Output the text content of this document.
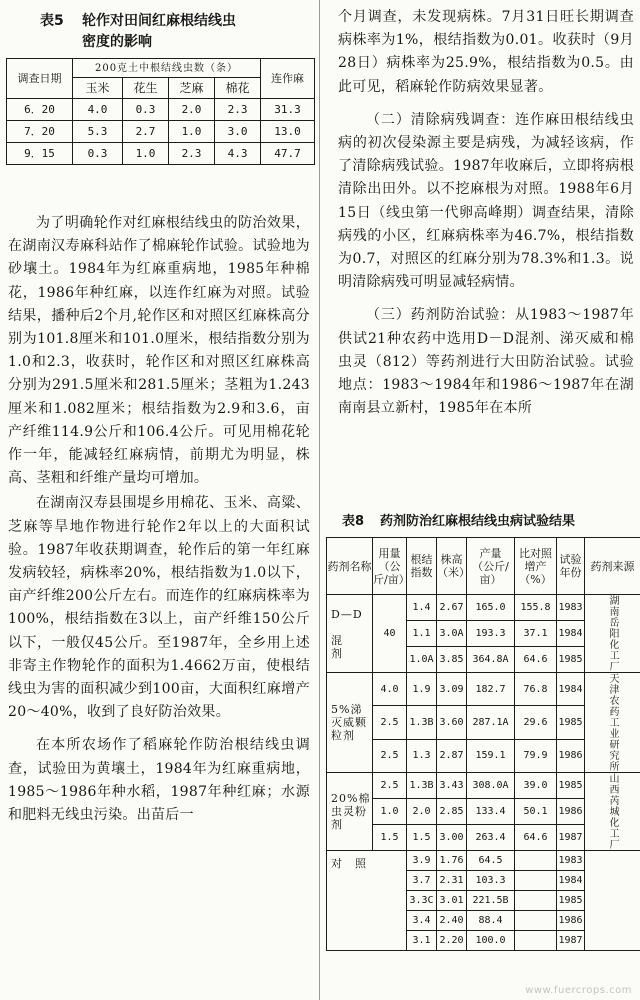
表5 轮作对田间红麻根结线虫
密度的影响
调查日期	200克土中根结线虫数（条）				连作麻
	玉米	花生	芝麻	棉花	
6．20	4.0	0.3	2.0	2.3	31.3
7．20	5.3	2.7	1.0	3.0	13.0
9．15	0.3	1.0	2.3	4.3	47.7

为了明确轮作对红麻根结线虫的防治效果，在湖南汉寿麻科站作了棉麻轮作试验。试验地为砂壤土。1984年为红麻重病地，1985年种棉花，1986年种红麻，以连作红麻为对照。试验结果，播种后2个月,轮作区和对照区红麻株高分别为101.8厘米和101.0厘米，根结指数分别为1.0和2.3，收获时，轮作区和对照区红麻株高分别为291.5厘米和281.5厘米；茎粗为1.243厘米和1.082厘米；根结指数为2.9和3.6，亩产纤维114.9公斤和106.4公斤。可见用棉花轮作一年，能减轻红麻病情，前期尤为明显，株高、茎粗和纤维产量均可增加。

在湖南汉寿县围堤乡用棉花、玉米、高粱、芝麻等旱地作物进行轮作2年以上的大面积试验。1987年收获期调查，轮作后的第一年红麻发病较轻，病株率20%，根结指数为1.0以下，亩产纤维200公斤左右。而连作的红麻病株率为100%，根结指数在3以上，亩产纤维150公斤以下，一般仅45公斤。至1987年，全乡用上述非寄主作物轮作的面积为1.4662万亩，使根结线虫为害的面积减少到100亩，大面积红麻增产20～40%，收到了良好防治效果。

在本所农场作了稻麻轮作防治根结线虫调查，试验田为黄壤土，1984年为红麻重病地，1985～1986年种水稻，1987年种红麻；水源和肥料无线虫污染。出苗后一

个月调查，未发现病株。7月31日旺长期调查病株率为1%，根结指数为0.01。收获时（9月28日）病株率为25.9%，根结指数为0.5。由此可见，稻麻轮作防病效果显著。

（二）清除病残调查：连作麻田根结线虫病的初次侵染源主要是病残，为减轻该病，作了清除病残试验。1987年收麻后，立即将病根清除出田外。以不挖麻根为对照。1988年6月15日（线虫第一代卵高峰期）调查结果，清除病残的小区，红麻病株率为46.7%，根结指数为0.7，对照区的红麻分别为78.3%和1.3。说明清除病残可明显减轻病情。

（三）药剂防治试验：从1983～1987年供试21种农药中选用D－D混剂、涕灭威和棉虫灵（812）等药剂进行大田防治试验。试验地点：1983～1984年和1986～1987年在湖南南县立新村，1985年在本所

表8 药剂防治红麻根结线虫病试验结果
药剂名称	用量
（公斤/亩）	根结指数	株高（米）	产量
（公斤/亩）	比对照增产
（%）	试验年份	药剂来源
D—D

混　　剂	40	1.4	2.67	165.0	155.8	1983	湖南岳阳化工厂
		1.1	3.0A	193.3	37.1	1984	
		1.0A	3.85	364.8A	64.6	1985	
5%涕
灭威颗
粒剂	4.0	1.9	3.09	182.7	76.8	1984	天津农药工业研究所
	2.5	1.3B	3.60	287.1A	29.6	1985	
	2.5	1.3	2.87	159.1	79.9	1986	
20%棉
虫灵粉
剂	2.5	1.3B	3.43	308.0A	39.0	1985	山西芮城化工厂
	1.0	2.0	2.85	133.4	50.1	1986	
	1.5	1.5	3.00	263.4	64.6	1987	
对　照		3.9	1.76	64.5		1983	
		3.7	2.31	103.3		1984	
		3.3C	3.01	221.5B		1985	
		3.4	2.40	88.4		1986	
		3.1	2.20	100.0		1987	
www.fuercrops.com
